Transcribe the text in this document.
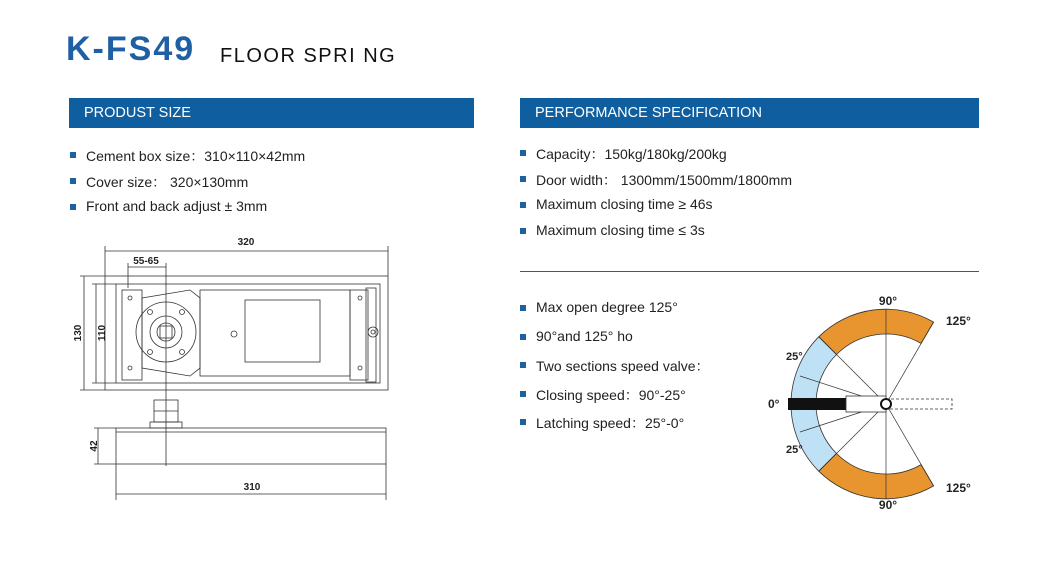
K-FS49 FLOOR SPRI NG
PRODUST SIZE	PERFORMANCE SPECIFICATION
Cement box size：310×110×42mm
Cover size： 320×130mm
Front and back adjust ± 3mm
Capacity：150kg/180kg/200kg
Door width： 1300mm/1500mm/1800mm
Maximum closing time ≥ 46s
Maximum closing time ≤ 3s
Max open degree 125°
90°and 125° ho
Two sections speed valve：
Closing speed：90°-25°
Latching speed：25°-0°
320
55-65
130 110
42
310
90°
125°
25°
0°
25°
90°
125°
